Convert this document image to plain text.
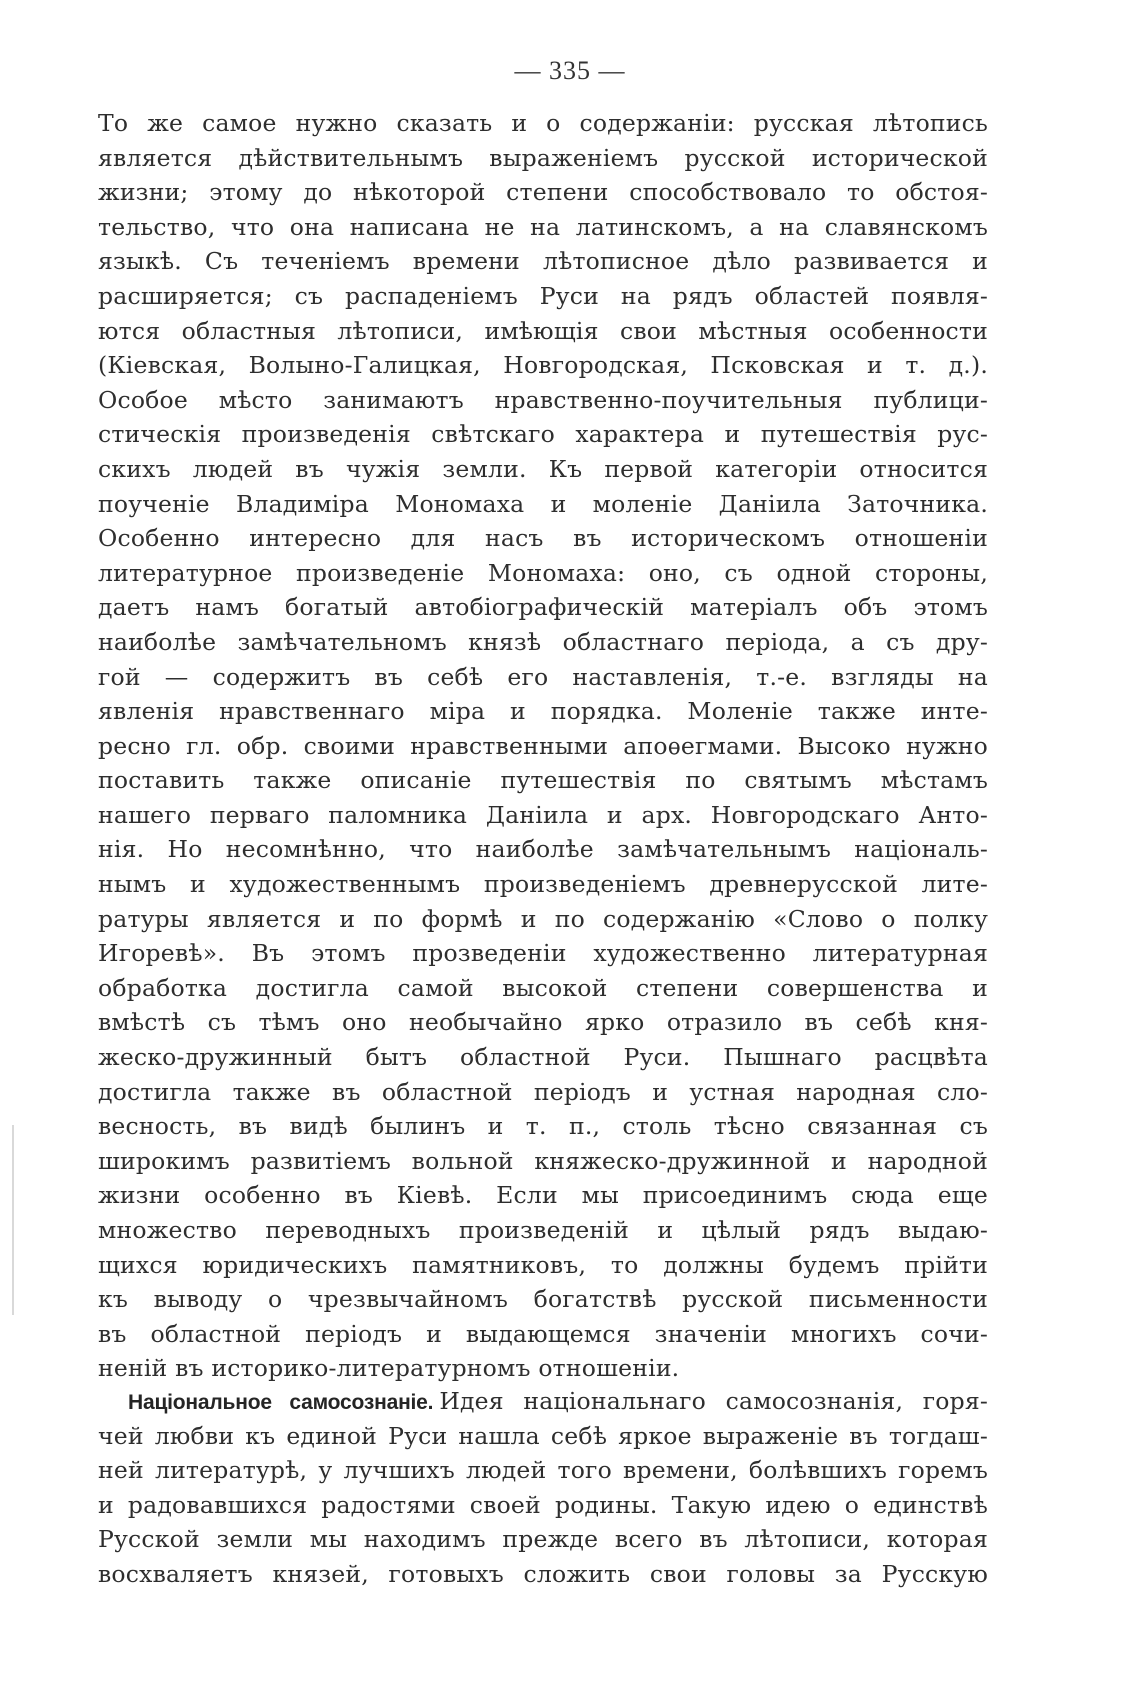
— 335 —
То же самое нужно сказать и о содержаніи: русская лѣтопись
является дѣйствительнымъ выраженіемъ русской исторической
жизни; этому до нѣкоторой степени способствовало то обстоя-
тельство, что она написана не на латинскомъ, а на славянскомъ
языкѣ. Съ теченіемъ времени лѣтописное дѣло развивается и
расширяется; съ распаденіемъ Руси на рядъ областей появля-
ются областныя лѣтописи, имѣющія свои мѣстныя особенности
(Кіевская, Волыно-Галицкая, Новгородская, Псковская и т. д.).
Особое мѣсто занимаютъ нравственно-поучительныя публици-
стическія произведенія свѣтскаго характера и путешествія рус-
скихъ людей въ чужія земли. Къ первой категоріи относится
поученіе Владиміра Мономаха и моленіе Даніила Заточника.
Особенно интересно для насъ въ историческомъ отношеніи
литературное произведеніе Мономаха: оно, съ одной стороны,
даетъ намъ богатый автобіографическій матеріалъ объ этомъ
наиболѣе замѣчательномъ князѣ областнаго періода, а съ дру-
гой — содержитъ въ себѣ его наставленія, т.-е. взгляды на
явленія нравственнаго міра и порядка. Моленіе также инте-
ресно гл. обр. своими нравственными апоѳегмами. Высоко нужно
поставить также описаніе путешествія по святымъ мѣстамъ
нашего перваго паломника Даніила и арх. Новгородскаго Анто-
нія. Но несомнѣнно, что наиболѣе замѣчательнымъ національ-
нымъ и художественнымъ произведеніемъ древнерусской лите-
ратуры является и по формѣ и по содержанію «Слово о полку
Игоревѣ». Въ этомъ прозведеніи художественно литературная
обработка достигла самой высокой степени совершенства и
вмѣстѣ съ тѣмъ оно необычайно ярко отразило въ себѣ кня-
жеско-дружинный бытъ областной Руси. Пышнаго расцвѣта
достигла также въ областной періодъ и устная народная сло-
весность, въ видѣ былинъ и т. п., столь тѣсно связанная съ
широкимъ развитіемъ вольной княжеско-дружинной и народной
жизни особенно въ Кіевѣ. Если мы присоединимъ сюда еще
множество переводныхъ произведеній и цѣлый рядъ выдаю-
щихся юридическихъ памятниковъ, то должны будемъ прійти
къ выводу о чрезвычайномъ богатствѣ русской письменности
въ областной періодъ и выдающемся значеніи многихъ сочи-
неній въ историко-литературномъ отношеніи.
Національное самосознаніе. Идея національнаго самосознанія, горя-
чей любви къ единой Руси нашла себѣ яркое выраженіе въ тогдаш-
ней литературѣ, у лучшихъ людей того времени, болѣвшихъ горемъ
и радовавшихся радостями своей родины. Такую идею о единствѣ
Русской земли мы находимъ прежде всего въ лѣтописи, которая
восхваляетъ князей, готовыхъ сложить свои головы за Русскую
